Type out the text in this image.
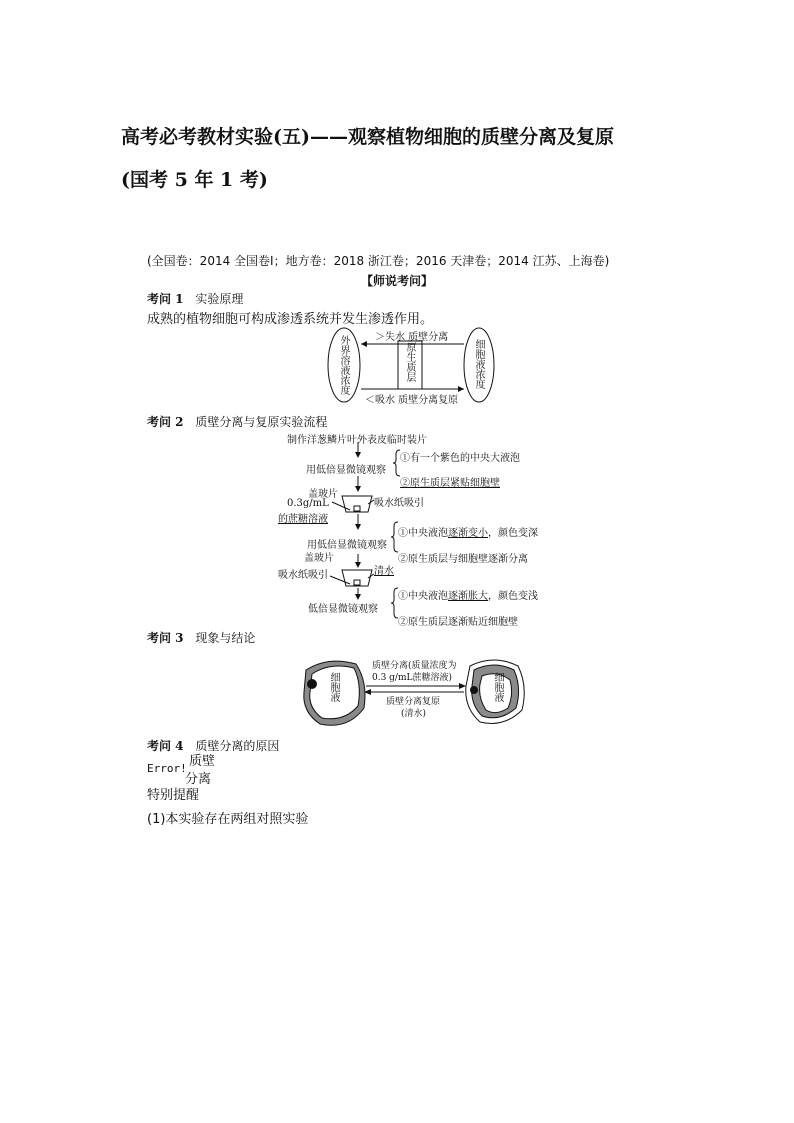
高考必考教材实验(五)——观察植物细胞的质壁分离及复原
(国考 5 年 1 考)
(全国卷：2014 全国卷Ⅰ；地方卷：2018 浙江卷；2016 天津卷；2014 江苏、上海卷)
【师说考问】
考问 1 实验原理
成熟的植物细胞可构成渗透系统并发生渗透作用。
外界溶液浓度	原生质层	细胞液浓度
＞失水 质壁分离
＜吸水 质壁分离复原
考问 2 质壁分离与复原实验流程
制作洋葱鳞片叶外表皮临时装片
用低倍显微镜观察
①有一个紫色的中央大液泡
②原生质层紧贴细胞壁
盖玻片
0.3g/mL
的蔗糖溶液
吸水纸吸引
用低倍显微镜观察
①中央液泡逐渐变小，颜色变深
②原生质层与细胞壁逐渐分离
盖玻片
吸水纸吸引	清水
低倍显微镜观察
①中央液泡逐渐胀大，颜色变浅
②原生质层逐渐贴近细胞壁
考问 3 现象与结论
细胞液	细胞液
质壁分离(质量浓度为
0.3 g/mL蔗糖溶液)
质壁分离复原
(清水)
考问 4 质壁分离的原因
Error! 质壁
分离
特别提醒
(1)本实验存在两组对照实验
